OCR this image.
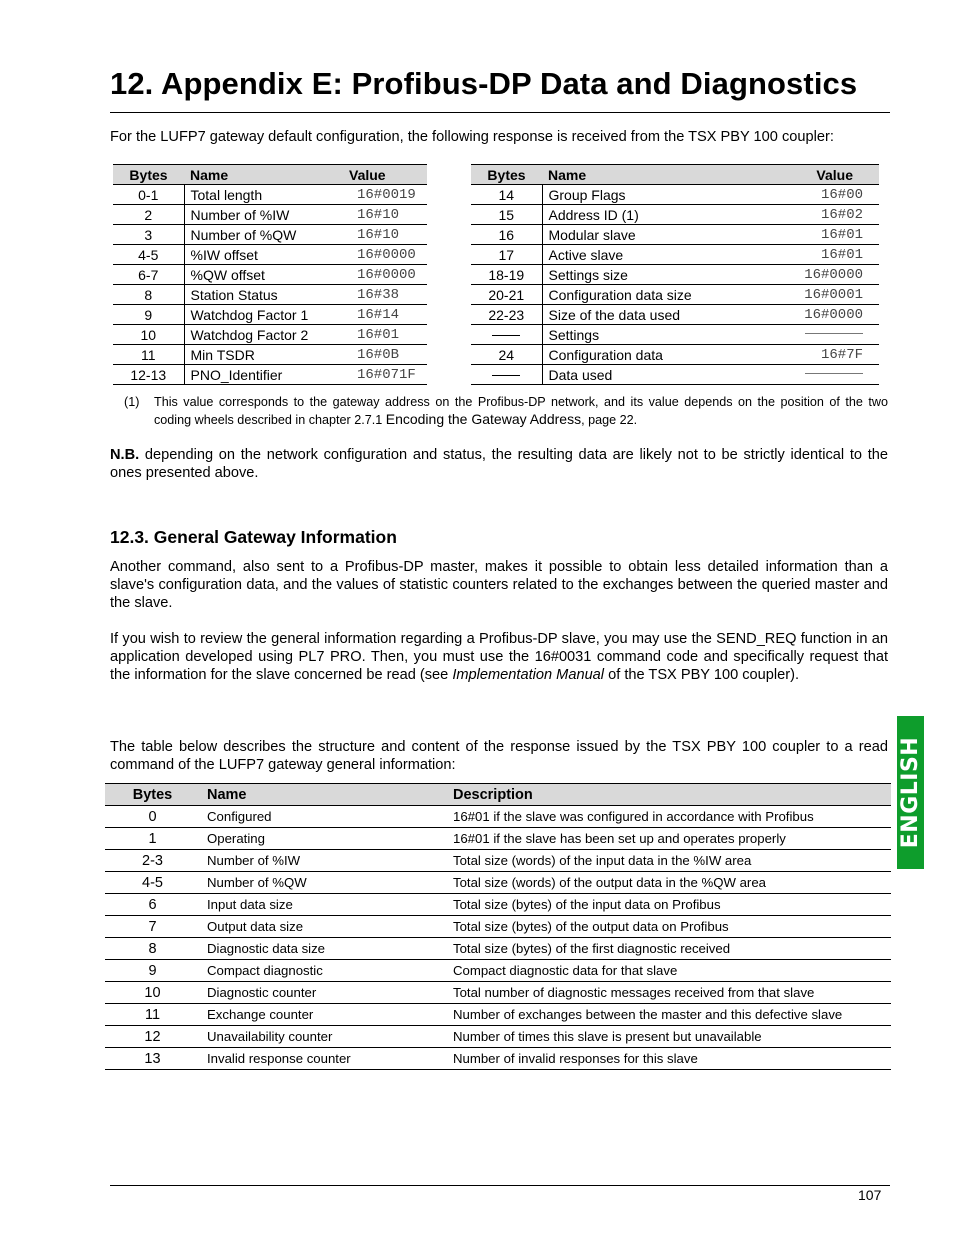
12. Appendix E: Profibus-DP Data and Diagnostics

For the LUFP7 gateway default configuration, the following response is received from the TSX PBY 100 coupler:

Bytes	Name	Value
0-1	Total length	16#0019
2	Number of %IW	16#10
3	Number of %QW	16#10
4-5	%IW offset	16#0000
6-7	%QW offset	16#0000
8	Station Status	16#38
9	Watchdog Factor 1	16#14
10	Watchdog Factor 2	16#01
11	Min TSDR	16#0B
12-13	PNO_Identifier	16#071F
Bytes	Name	Value
14	Group Flags	16#00
15	Address ID (1)	16#02
16	Modular slave	16#01
17	Active slave	16#01
18-19	Settings size	16#0000
20-21	Configuration data size	16#0001
22-23	Size of the data used	16#0000
	Settings	
24	Configuration data	16#7F
	Data used	
(1)	This value corresponds to the gateway address on the Profibus-DP network, and its value depends on the position of the two coding wheels described in chapter 2.7.1 Encoding the Gateway Address, page 22.

N.B. depending on the network configuration and status, the resulting data are likely not to be strictly identical to the ones presented above.

12.3. General Gateway Information

Another command, also sent to a Profibus-DP master, makes it possible to obtain less detailed information than a slave's configuration data, and the values of statistic counters related to the exchanges between the queried master and the slave.

If you wish to review the general information regarding a Profibus-DP slave, you may use the SEND_REQ function in an application developed using PL7 PRO. Then, you must use the 16#0031 command code and specifically request that the information for the slave concerned be read (see Implementation Manual of the TSX PBY 100 coupler).

The table below describes the structure and content of the response issued by the TSX PBY 100 coupler to a read command of the LUFP7 gateway general information:

Bytes	Name	Description
0	Configured	16#01 if the slave was configured in accordance with Profibus
1	Operating	16#01 if the slave has been set up and operates properly
2-3	Number of %IW	Total size (words) of the input data in the %IW area
4-5	Number of %QW	Total size (words) of the output data in the %QW area
6	Input data size	Total size (bytes) of the input data on Profibus
7	Output data size	Total size (bytes) of the output data on Profibus
8	Diagnostic data size	Total size (bytes) of the first diagnostic received
9	Compact diagnostic	Compact diagnostic data for that slave
10	Diagnostic counter	Total number of diagnostic messages received from that slave
11	Exchange counter	Number of exchanges between the master and this defective slave
12	Unavailability counter	Number of times this slave is present but unavailable
13	Invalid response counter	Number of invalid responses for this slave
ENGLISH
107
